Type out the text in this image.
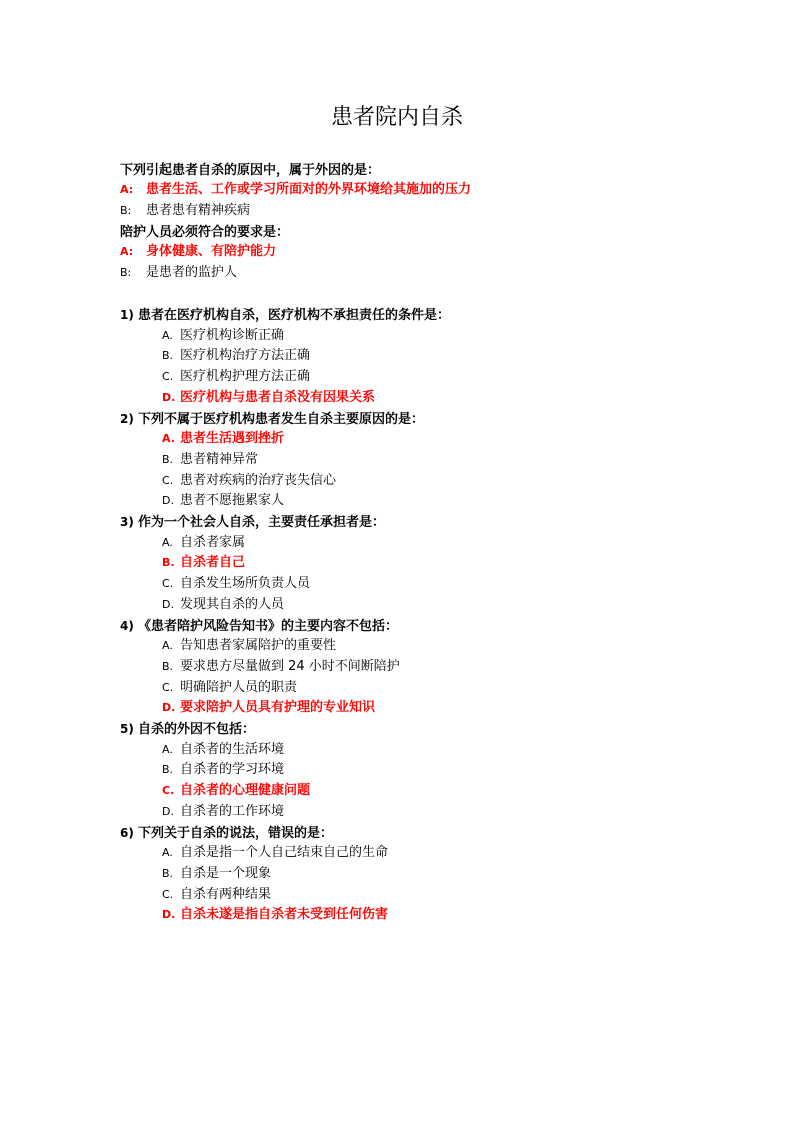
患者院内自杀
下列引起患者自杀的原因中，属于外因的是：
A: 患者生活、工作或学习所面对的外界环境给其施加的压力
B: 患者患有精神疾病
陪护人员必须符合的要求是：
A: 身体健康、有陪护能力
B: 是患者的监护人
1) 患者在医疗机构自杀，医疗机构不承担责任的条件是：
A. 医疗机构诊断正确
B. 医疗机构治疗方法正确
C. 医疗机构护理方法正确
D. 医疗机构与患者自杀没有因果关系
2) 下列不属于医疗机构患者发生自杀主要原因的是：
A. 患者生活遇到挫折
B. 患者精神异常
C. 患者对疾病的治疗丧失信心
D. 患者不愿拖累家人
3) 作为一个社会人自杀，主要责任承担者是：
A. 自杀者家属
B. 自杀者自己
C. 自杀发生场所负责人员
D. 发现其自杀的人员
4) 《患者陪护风险告知书》的主要内容不包括：
A. 告知患者家属陪护的重要性
B. 要求患方尽量做到 24 小时不间断陪护
C. 明确陪护人员的职责
D. 要求陪护人员具有护理的专业知识
5) 自杀的外因不包括：
A. 自杀者的生活环境
B. 自杀者的学习环境
C. 自杀者的心理健康问题
D. 自杀者的工作环境
6) 下列关于自杀的说法，错误的是：
A. 自杀是指一个人自己结束自己的生命
B. 自杀是一个现象
C. 自杀有两种结果
D. 自杀未遂是指自杀者未受到任何伤害
